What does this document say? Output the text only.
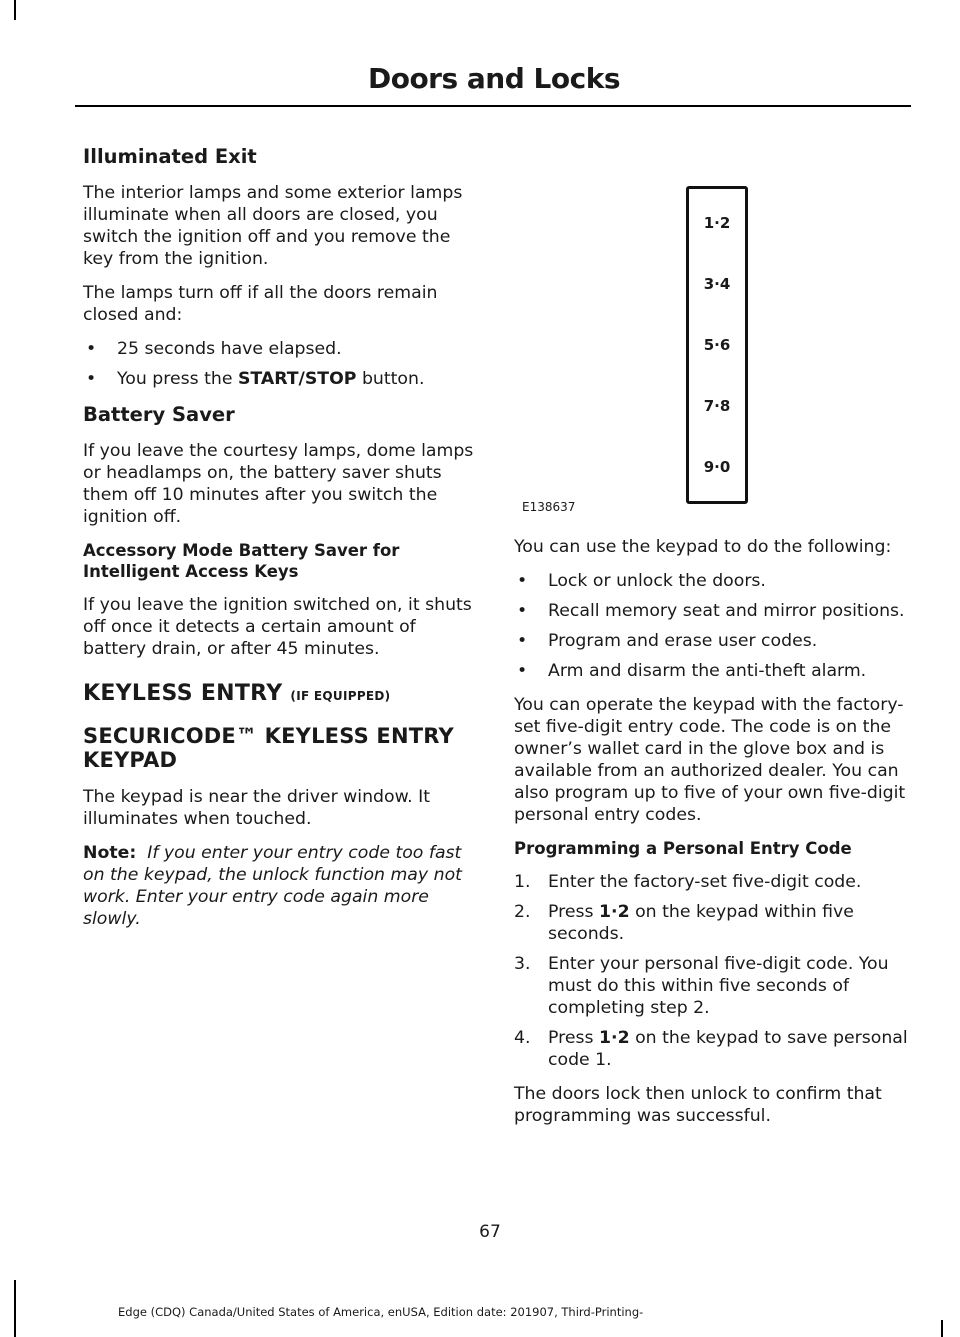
Doors and Locks
Illuminated Exit

The interior lamps and some exterior lamps illuminate when all doors are closed, you switch the ignition off and you remove the key from the ignition.

The lamps turn off if all the doors remain closed and:

• 25 seconds have elapsed.
• You press the START/STOP button.
Battery Saver

If you leave the courtesy lamps, dome lamps or headlamps on, the battery saver shuts them off 10 minutes after you switch the ignition off.

Accessory Mode Battery Saver for Intelligent Access Keys

If you leave the ignition switched on, it shuts off once it detects a certain amount of battery drain, or after 45 minutes.

KEYLESS ENTRY (IF EQUIPPED)
SECURICODE™ KEYLESS ENTRY KEYPAD

The keypad is near the driver window. It illuminates when touched.

Note: If you enter your entry code too fast on the keypad, the unlock function may not work. Enter your entry code again more slowly.

1·2
3·4
5·6
7·8
9·0
E138637

You can use the keypad to do the following:

• Lock or unlock the doors.
• Recall memory seat and mirror positions.
• Program and erase user codes.
• Arm and disarm the anti-theft alarm.

You can operate the keypad with the factory-set five-digit entry code. The code is on the owner’s wallet card in the glove box and is available from an authorized dealer. You can also program up to five of your own five-digit personal entry codes.

Programming a Personal Entry Code
1. Enter the factory-set five-digit code.
2. Press 1·2 on the keypad within five seconds.
3. Enter your personal five-digit code. You must do this within five seconds of completing step 2.
4. Press 1·2 on the keypad to save personal code 1.

The doors lock then unlock to confirm that programming was successful.

67
Edge (CDQ) Canada/United States of America, enUSA, Edition date: 201907, Third-Printing-
